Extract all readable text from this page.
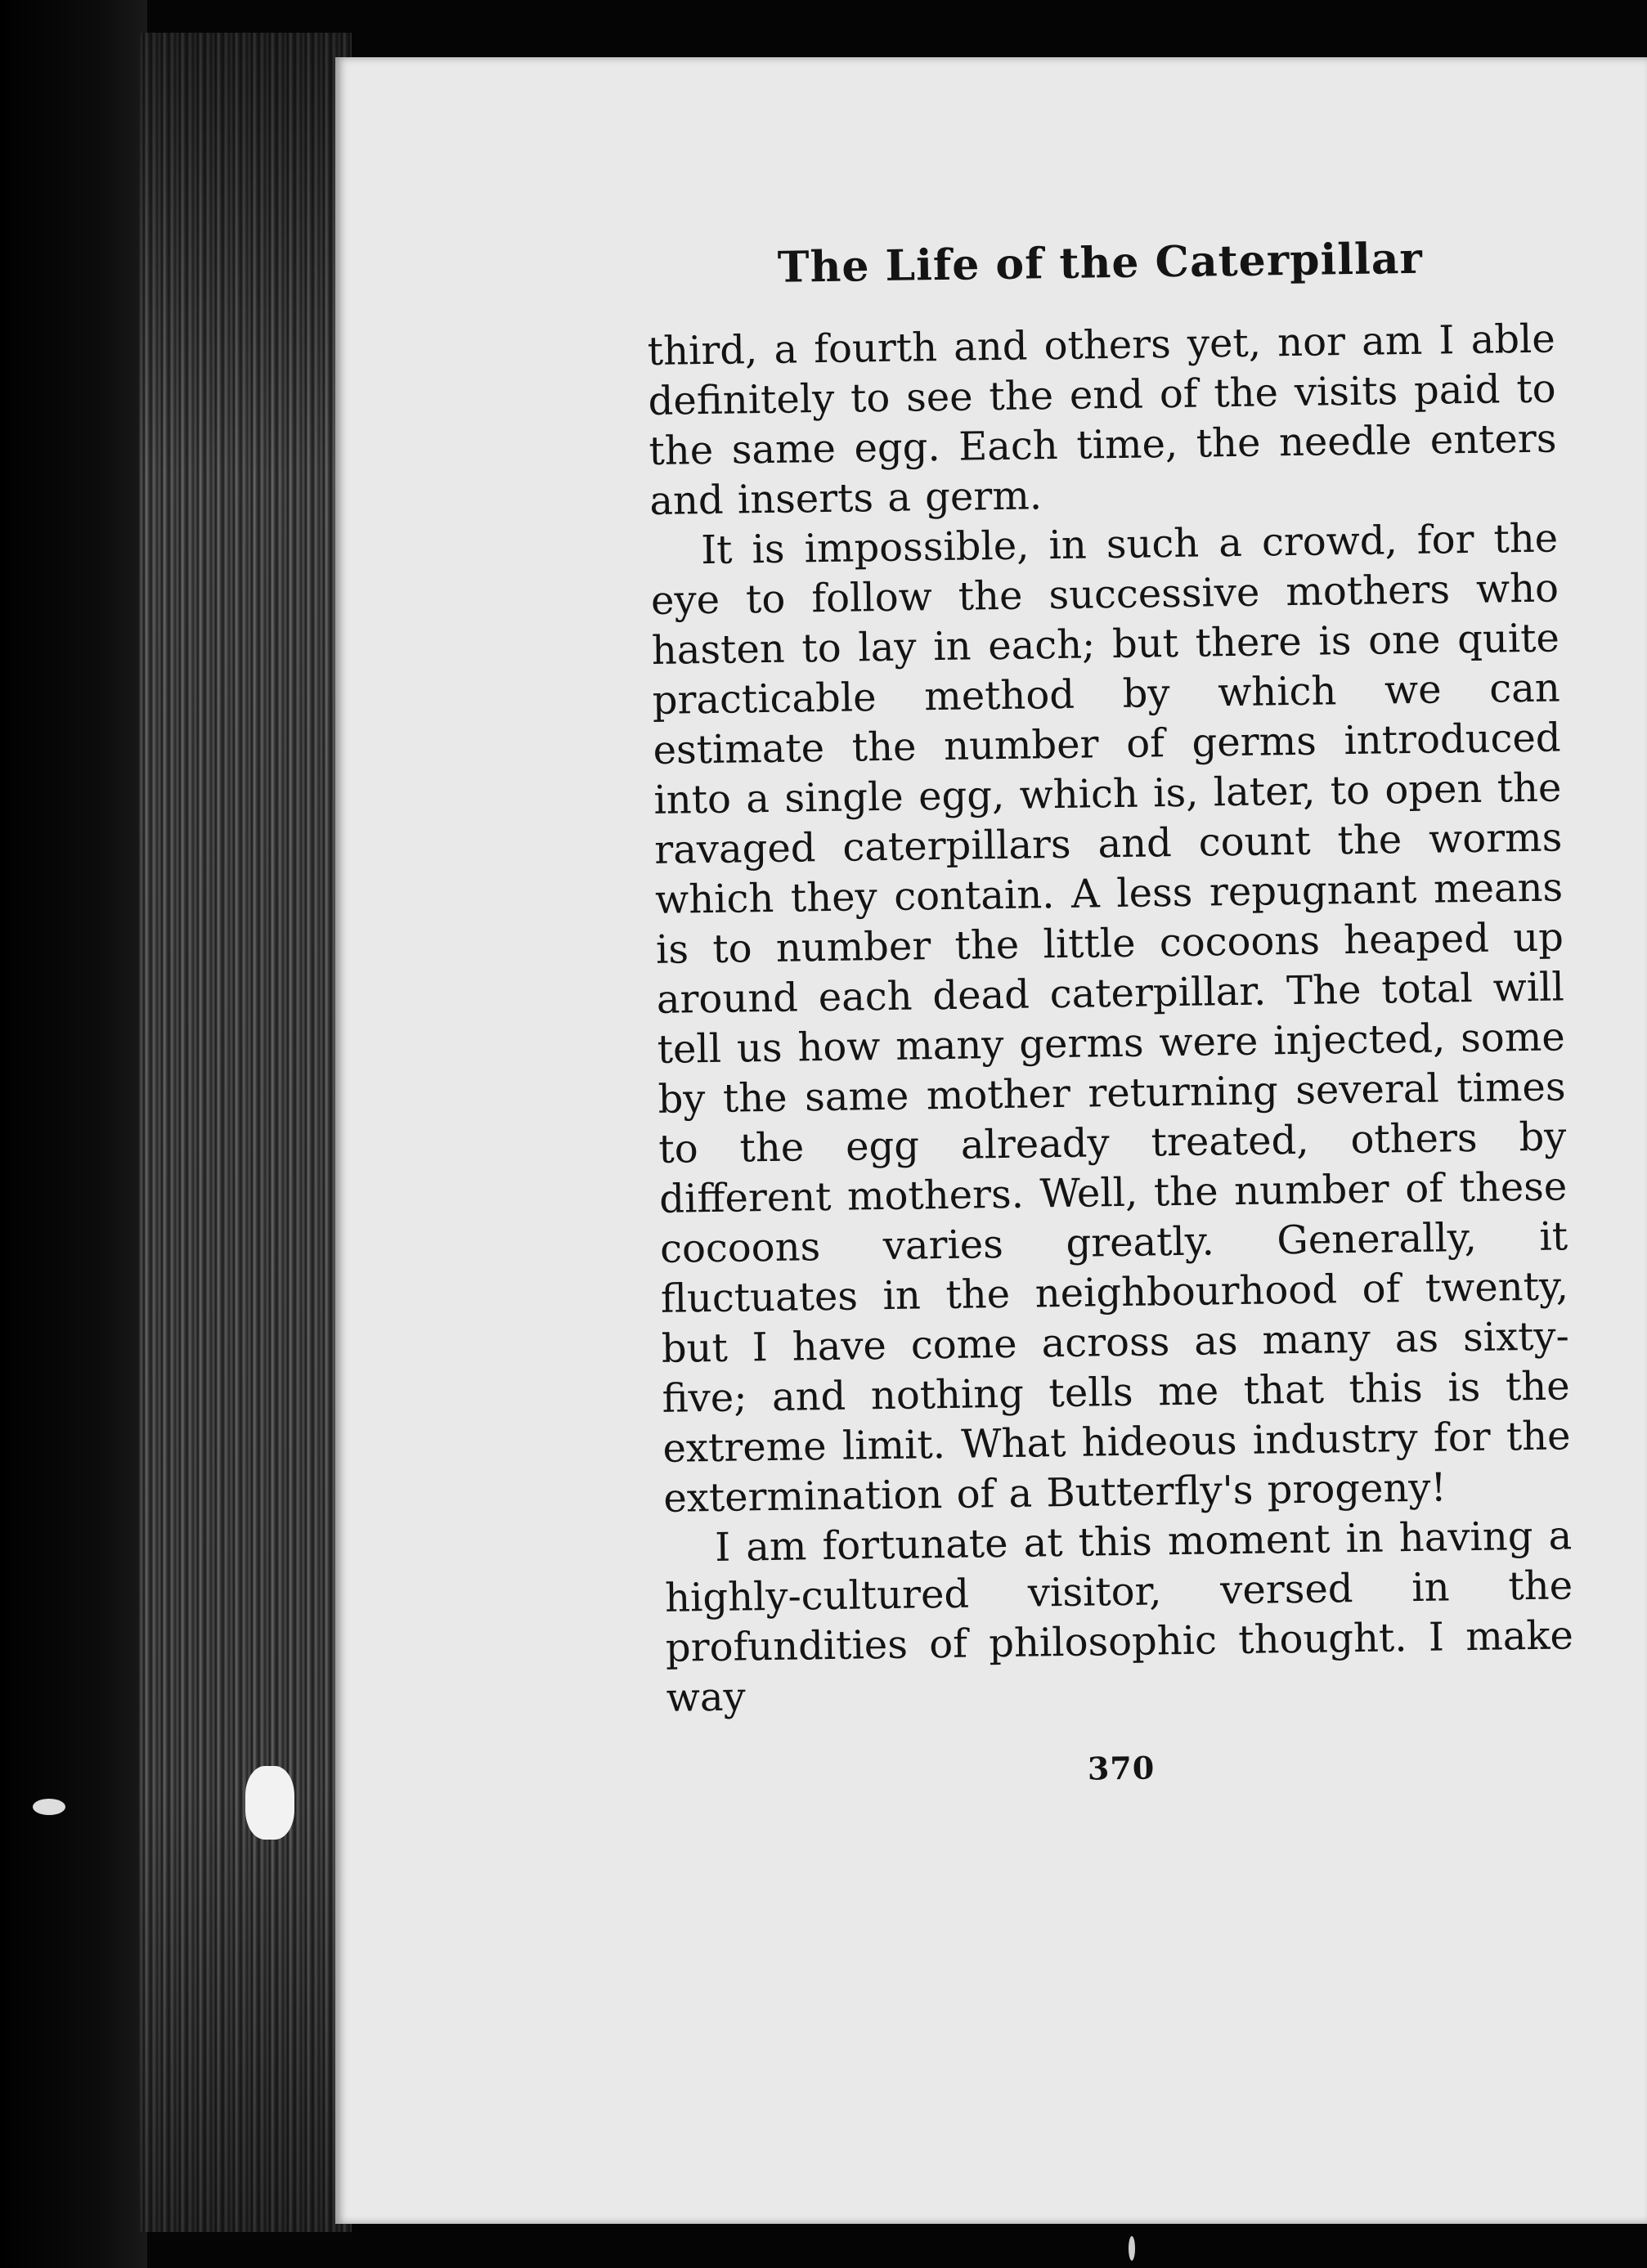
The Life of the Caterpillar

third, a fourth and others yet, nor am I able definitely to see the end of the visits paid to the same egg. Each time, the needle enters and inserts a germ.

It is impossible, in such a crowd, for the eye to follow the successive mothers who hasten to lay in each; but there is one quite practicable method by which we can estimate the number of germs introduced into a single egg, which is, later, to open the ravaged caterpillars and count the worms which they contain. A less repugnant means is to number the little cocoons heaped up around each dead caterpillar. The total will tell us how many germs were injected, some by the same mother returning several times to the egg already treated, others by different mothers. Well, the number of these cocoons varies greatly. Generally, it fluctuates in the neighbourhood of twenty, but I have come across as many as sixty-five; and nothing tells me that this is the extreme limit. What hideous industry for the extermination of a Butterfly's progeny!

I am fortunate at this moment in having a highly-cultured visitor, versed in the profundities of philosophic thought. I make way

370
